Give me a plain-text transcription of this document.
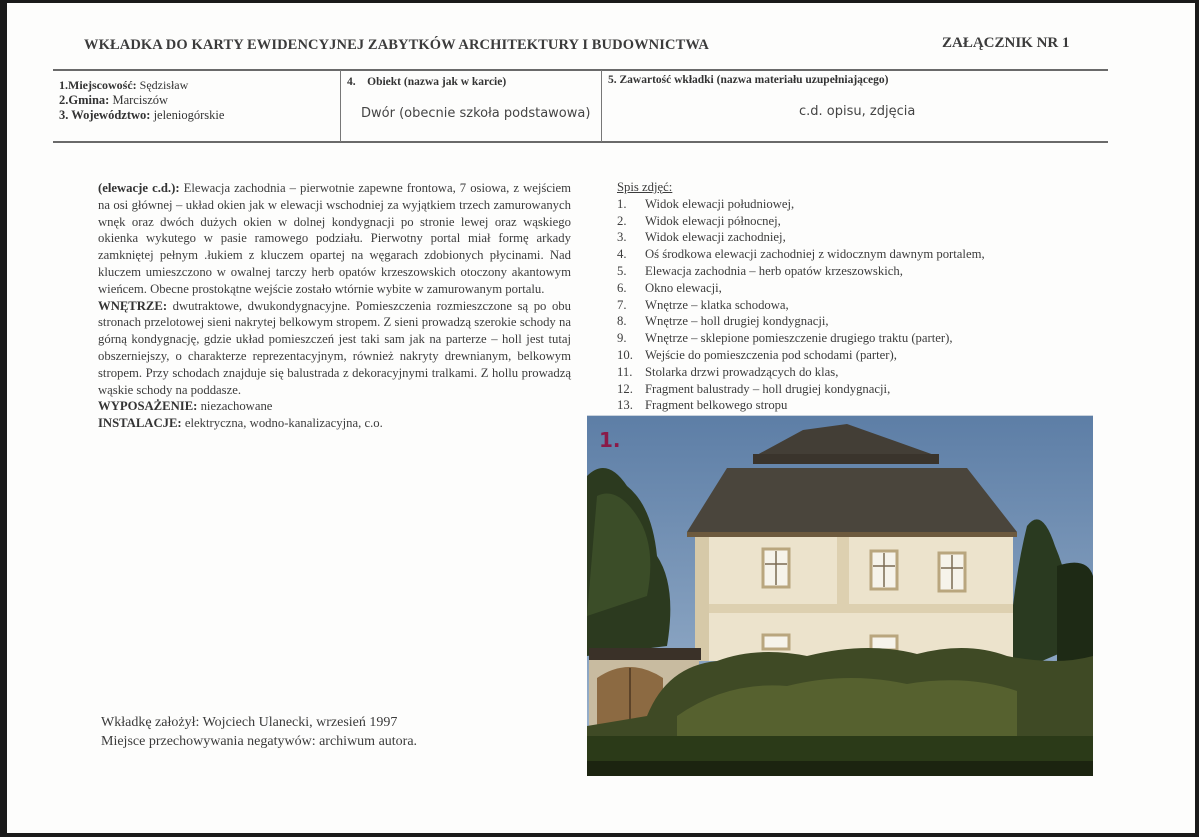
WKŁADKA DO KARTY EWIDENCYJNEJ ZABYTKÓW ARCHITEKTURY I BUDOWNICTWA	ZAŁĄCZNIK NR 1
1.Miejscowość: Sędzisław
2.Gmina: Marciszów
3. Województwo: jeleniogórskie
4.    Obiekt (nazwa jak w karcie)
Dwór (obecnie szkoła podstawowa)
5. Zawartość wkładki (nazwa materiału uzupełniającego)
c.d. opisu, zdjęcia

(elewacje c.d.): Elewacja zachodnia – pierwotnie zapewne frontowa, 7 osiowa, z wejściem na osi głównej – układ okien jak w elewacji wschodniej za wyjątkiem trzech zamurowanych wnęk oraz dwóch dużych okien w dolnej kondygnacji po stronie lewej oraz wąskiego okienka wykutego w pasie ramowego podziału. Pierwotny portal miał formę arkady zamkniętej pełnym .łukiem z kluczem opartej na węgarach zdobionych płycinami. Nad kluczem umieszczono w owalnej tarczy herb opatów krzeszowskich otoczony akantowym wieńcem. Obecne prostokątne wejście zostało wtórnie wybite w zamurowanym portalu.

WNĘTRZE: dwutraktowe, dwukondygnacyjne. Pomieszczenia rozmieszczone są po obu stronach przelotowej sieni nakrytej belkowym stropem. Z sieni prowadzą szerokie schody na górną kondygnację, gdzie układ pomieszczeń jest taki sam jak na parterze – holl jest tutaj obszerniejszy, o charakterze reprezentacyjnym, również nakryty drewnianym, belkowym stropem. Przy schodach znajduje się balustrada z dekoracyjnymi tralkami. Z hollu prowadzą wąskie schody na poddasze.

WYPOSAŻENIE: niezachowane

INSTALACJE: elektryczna, wodno-kanalizacyjna, c.o.

Spis zdjęć:
1.	Widok elewacji południowej,
2.	Widok elewacji północnej,
3.	Widok elewacji zachodniej,
4.	Oś środkowa elewacji zachodniej z widocznym dawnym portalem,
5.	Elewacja zachodnia – herb opatów krzeszowskich,
6.	Okno elewacji,
7.	Wnętrze – klatka schodowa,
8.	Wnętrze – holl drugiej kondygnacji,
9.	Wnętrze – sklepione pomieszczenie drugiego traktu (parter),
10. Wejście do pomieszczenia pod schodami (parter),
11. Stolarka drzwi prowadzących do klas,
12. Fragment balustrady – holl drugiej kondygnacji,
13. Fragment belkowego stropu
1.
Wkładkę założył: Wojciech Ulanecki, wrzesień 1997
Miejsce przechowywania negatywów: archiwum autora.
